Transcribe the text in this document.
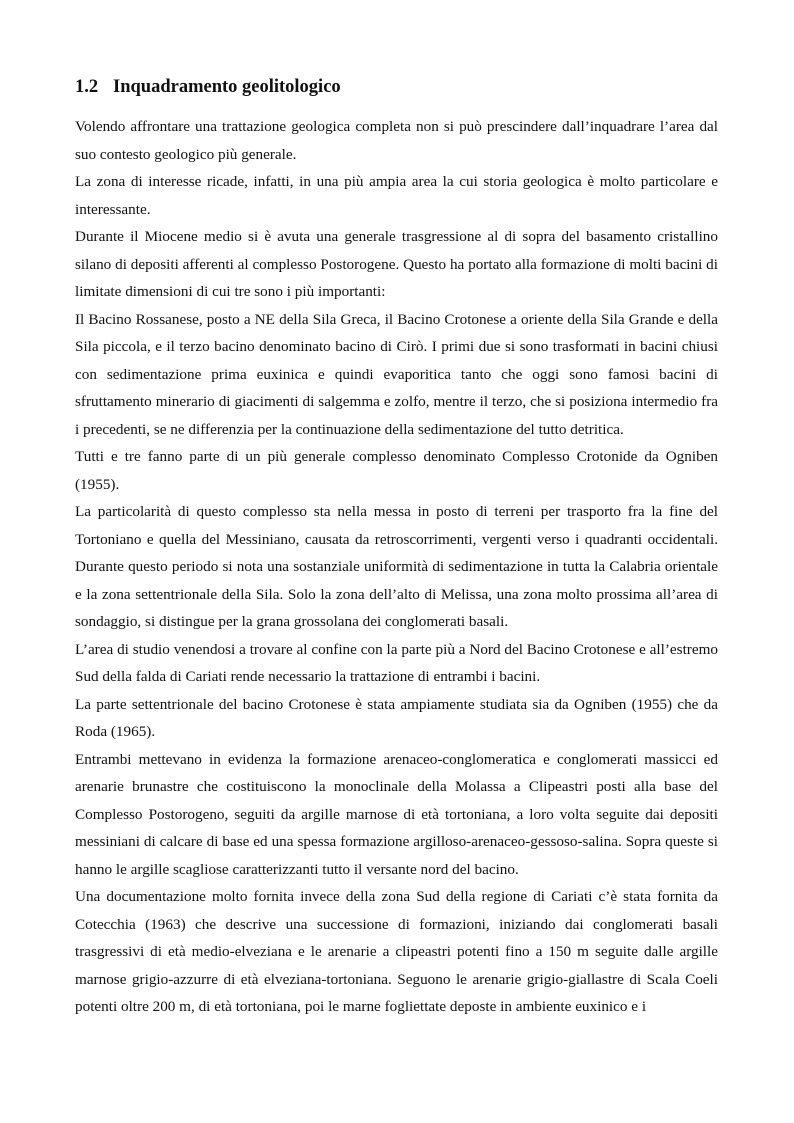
1.2 Inquadramento geolitologico

Volendo affrontare una trattazione geologica completa non si può prescindere dall’inquadrare l’area dal suo contesto geologico più generale.

La zona di interesse ricade, infatti, in una più ampia area la cui storia geologica è molto particolare e interessante.

Durante il Miocene medio si è avuta una generale trasgressione al di sopra del basamento cristallino silano di depositi afferenti al complesso Postorogene. Questo ha portato alla formazione di molti bacini di limitate dimensioni di cui tre sono i più importanti:

Il Bacino Rossanese, posto a NE della Sila Greca, il Bacino Crotonese a oriente della Sila Grande e della Sila piccola, e il terzo bacino denominato bacino di Cirò. I primi due si sono trasformati in bacini chiusi con sedimentazione prima euxinica e quindi evaporitica tanto che oggi sono famosi bacini di sfruttamento minerario di giacimenti di salgemma e zolfo, mentre il terzo, che si posiziona intermedio fra i precedenti, se ne differenzia per la continuazione della sedimentazione del tutto detritica.

Tutti e tre fanno parte di un più generale complesso denominato Complesso Crotonide da Ogniben (1955).

La particolarità di questo complesso sta nella messa in posto di terreni per trasporto fra la fine del Tortoniano e quella del Messiniano, causata da retroscorrimenti, vergenti verso i quadranti occidentali. Durante questo periodo si nota una sostanziale uniformità di sedimentazione in tutta la Calabria orientale e la zona settentrionale della Sila. Solo la zona dell’alto di Melissa, una zona molto prossima all’area di sondaggio, si distingue per la grana grossolana dei conglomerati basali.

L’area di studio venendosi a trovare al confine con la parte più a Nord del Bacino Crotonese e all’estremo Sud della falda di Cariati rende necessario la trattazione di entrambi i bacini.

La parte settentrionale del bacino Crotonese è stata ampiamente studiata sia da Ogniben (1955) che da Roda (1965).

Entrambi mettevano in evidenza la formazione arenaceo-conglomeratica e conglomerati massicci ed arenarie brunastre che costituiscono la monoclinale della Molassa a Clipeastri posti alla base del Complesso Postorogeno, seguiti da argille marnose di età tortoniana, a loro volta seguite dai depositi messiniani di calcare di base ed una spessa formazione argilloso-arenaceo-gessoso-salina. Sopra queste si hanno le argille scagliose caratterizzanti tutto il versante nord del bacino.

Una documentazione molto fornita invece della zona Sud della regione di Cariati c’è stata fornita da Cotecchia (1963) che descrive una successione di formazioni, iniziando dai conglomerati basali trasgressivi di età medio-elveziana e le arenarie a clipeastri potenti fino a 150 m seguite dalle argille marnose grigio-azzurre di età elveziana-tortoniana. Seguono le arenarie grigio-giallastre di Scala Coeli potenti oltre 200 m, di età tortoniana, poi le marne fogliettate deposte in ambiente euxinico e i
